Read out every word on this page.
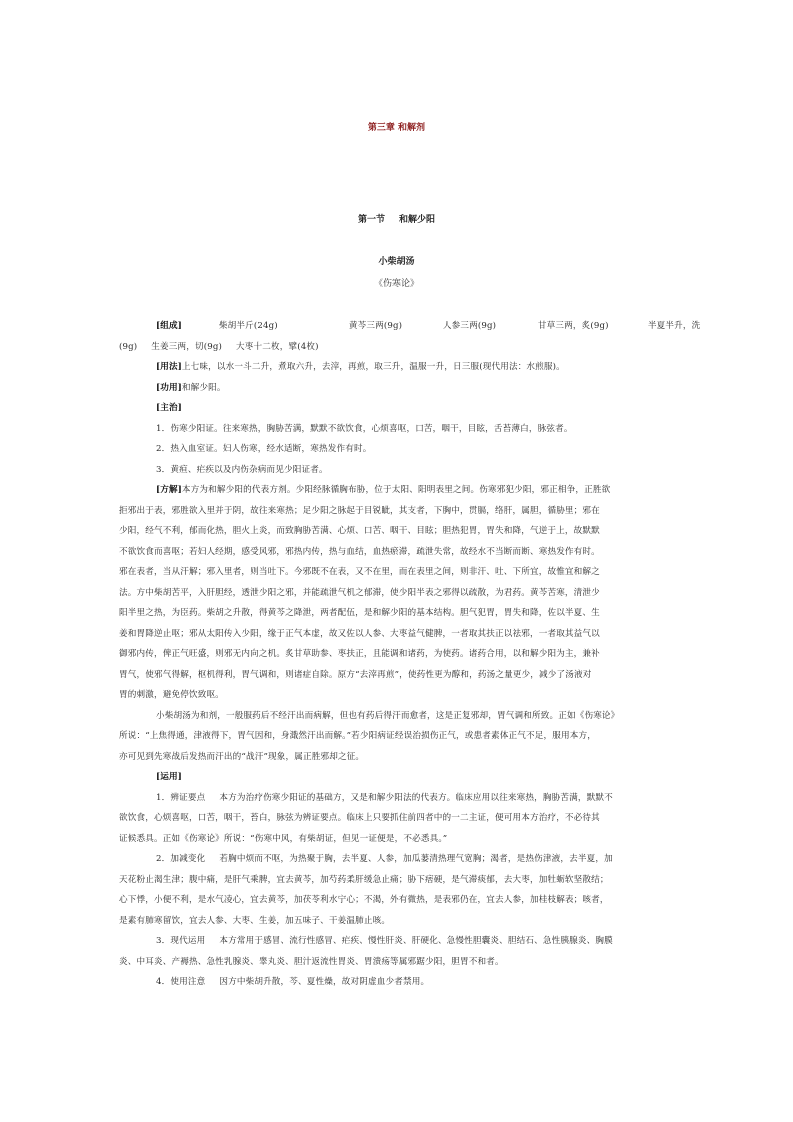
第三章 和解剂
第一节 和解少阳
小柴胡汤
《伤寒论》

[组成]	柴胡半斤(24g)	黄芩三两(9g)	人参三两(9g)	甘草三两，炙(9g)	半夏半升，洗

(9g) 生姜三两，切(9g) 大枣十二枚，擘(4枚)

[用法]上七味，以水一斗二升，煮取六升，去滓，再煎，取三升，温服一升，日三服(现代用法：水煎服)。

[功用]和解少阳。

[主治]

1．伤寒少阳证。往来寒热，胸胁苦满，默默不欲饮食，心烦喜呕，口苦，咽干，目眩，舌苔薄白，脉弦者。

2．热入血室证。妇人伤寒，经水适断，寒热发作有时。

3．黄疸、疟疾以及内伤杂病而见少阳证者。

[方解]本方为和解少阳的代表方剂。少阳经脉循胸布胁，位于太阳、阳明表里之间。伤寒邪犯少阳，邪正相争，正胜欲

拒邪出于表，邪胜欲入里并于阴，故往来寒热；足少阳之脉起于目锐眦，其支者，下胸中，贯膈，络肝，属胆，循胁里；邪在

少阳，经气不利，郁而化热，胆火上炎，而致胸胁苦满、心烦、口苦、咽干、目眩；胆热犯胃，胃失和降，气逆于上，故默默

不欲饮食而喜呕；若妇人经期，感受风邪，邪热内传，热与血结，血热瘀滞，疏泄失常，故经水不当断而断、寒热发作有时。

邪在表者，当从汗解；邪入里者，则当吐下。今邪既不在表，又不在里，而在表里之间，则非汗、吐、下所宜，故惟宜和解之

法。方中柴胡苦平，入肝胆经，透泄少阳之邪，并能疏泄气机之郁滞，使少阳半表之邪得以疏散，为君药。黄芩苦寒，清泄少

阳半里之热，为臣药。柴胡之升散，得黄芩之降泄，两者配伍，是和解少阳的基本结构。胆气犯胃，胃失和降，佐以半夏、生

姜和胃降逆止呕；邪从太阳传入少阳，缘于正气本虚，故又佐以人参、大枣益气健脾，一者取其扶正以祛邪，一者取其益气以

御邪内传，俾正气旺盛，则邪无内向之机。炙甘草助参、枣扶正，且能调和诸药，为使药。诸药合用，以和解少阳为主，兼补

胃气，使邪气得解，枢机得利，胃气调和，则诸症自除。原方“去滓再煎”，使药性更为醇和，药汤之量更少，减少了汤液对

胃的刺激，避免停饮致呕。

小柴胡汤为和剂，一般服药后不经汗出而病解，但也有药后得汗而愈者，这是正复邪却，胃气调和所致。正如《伤寒论》

所说：“上焦得通，津液得下，胃气因和，身濈然汗出而解。”若少阳病证经误治损伤正气，或患者素体正气不足，服用本方，

亦可见到先寒战后发热而汗出的“战汗”现象，属正胜邪却之征。

[运用]

1．辨证要点 本方为治疗伤寒少阳证的基础方，又是和解少阳法的代表方。临床应用以往来寒热，胸胁苦满，默默不

欲饮食，心烦喜呕，口苦，咽干，苔白，脉弦为辨证要点。临床上只要抓住前四者中的一二主证，便可用本方治疗，不必待其

证候悉具。正如《伤寒论》所说：“伤寒中风，有柴胡证，但见一证便是，不必悉具。”

2．加减变化 若胸中烦而不呕，为热聚于胸，去半夏、人参，加瓜蒌清热理气宽胸；渴者，是热伤津液，去半夏，加

天花粉止渴生津；腹中痛，是肝气乘脾，宜去黄芩，加芍药柔肝缓急止痛；胁下痞硬，是气滞痰郁，去大枣，加牡蛎软坚散结；

心下悸，小便不利，是水气凌心，宜去黄芩，加茯苓利水宁心；不渴，外有微热，是表邪仍在，宜去人参，加桂枝解表；咳者，

是素有肺寒留饮，宜去人参、大枣、生姜，加五味子、干姜温肺止咳。

3．现代运用 本方常用于感冒、流行性感冒、疟疾、慢性肝炎、肝硬化、急慢性胆囊炎、胆结石、急性胰腺炎、胸膜

炎、中耳炎、产褥热、急性乳腺炎、睾丸炎、胆汁返流性胃炎、胃溃疡等属邪踞少阳，胆胃不和者。

4．使用注意 因方中柴胡升散，芩、夏性燥，故对阴虚血少者禁用。
